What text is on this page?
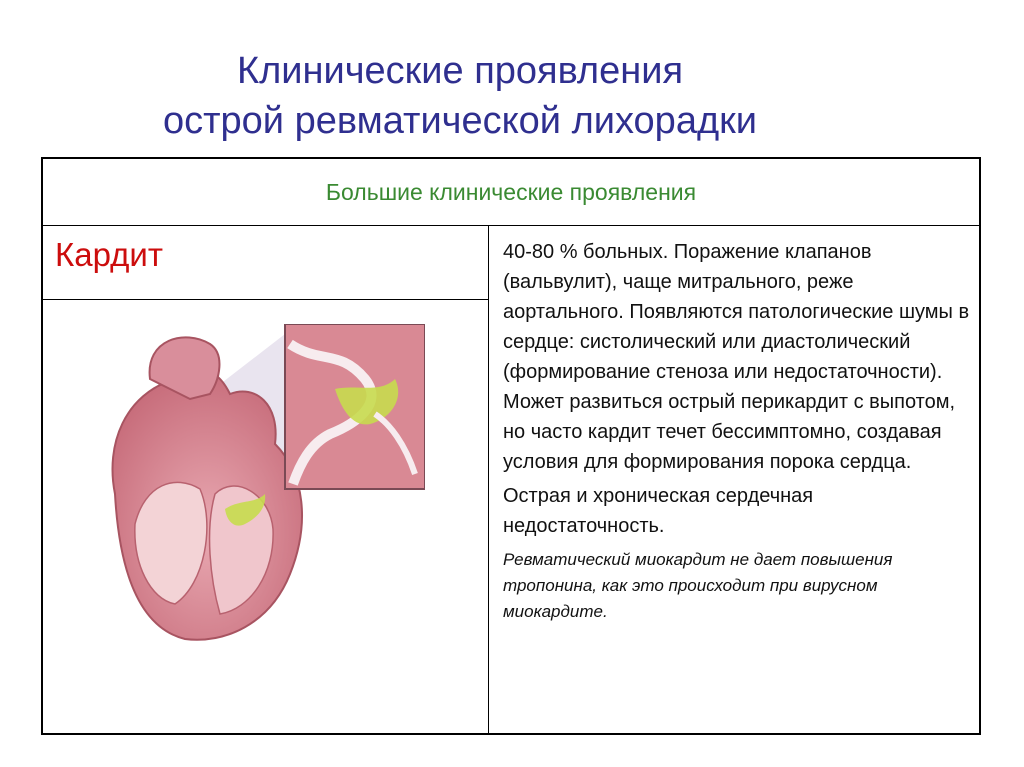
Клинические проявления
острой ревматической лихорадки
Большие клинические проявления
Кардит	40-80 % больных. Поражение клапанов (вальвулит), чаще митрального, реже аортального. Появляются патологические шумы в сердце: систолический или диастолический (формирование стеноза или недостаточности). Может развиться острый перикардит с выпотом, но часто кардит течет бессимптомно, создавая условия для формирования порока сердца.

Острая и хроническая сердечная недостаточность.

Ревматический миокардит не дает повышения тропонина, как это происходит при вирусном миокардите.
